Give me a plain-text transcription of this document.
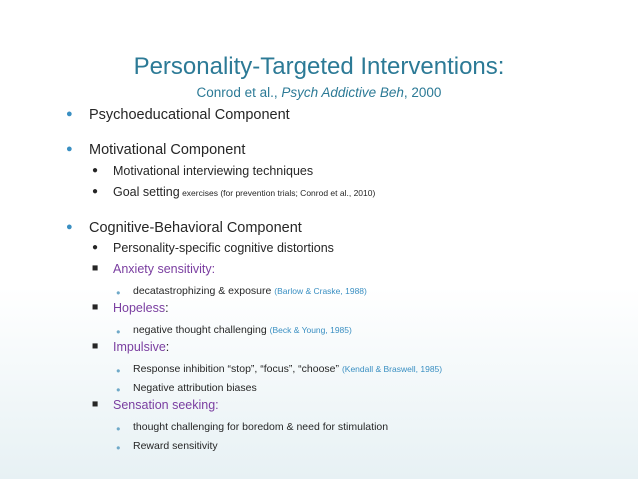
Personality-Targeted Interventions:
Conrod et al., Psych Addictive Beh, 2000
● Psychoeducational Component
● Motivational Component
● Motivational interviewing techniques
● Goal setting exercises (for prevention trials; Conrod et al., 2010)
● Cognitive-Behavioral Component
● Personality-specific cognitive distortions
■ Anxiety sensitivity:
● decatastrophizing & exposure (Barlow & Craske, 1988)
■ Hopeless:
● negative thought challenging (Beck & Young, 1985)
■ Impulsive:
● Response inhibition “stop”, “focus”, “choose” (Kendall & Braswell, 1985)
● Negative attribution biases
■ Sensation seeking:
● thought challenging for boredom & need for stimulation
● Reward sensitivity
